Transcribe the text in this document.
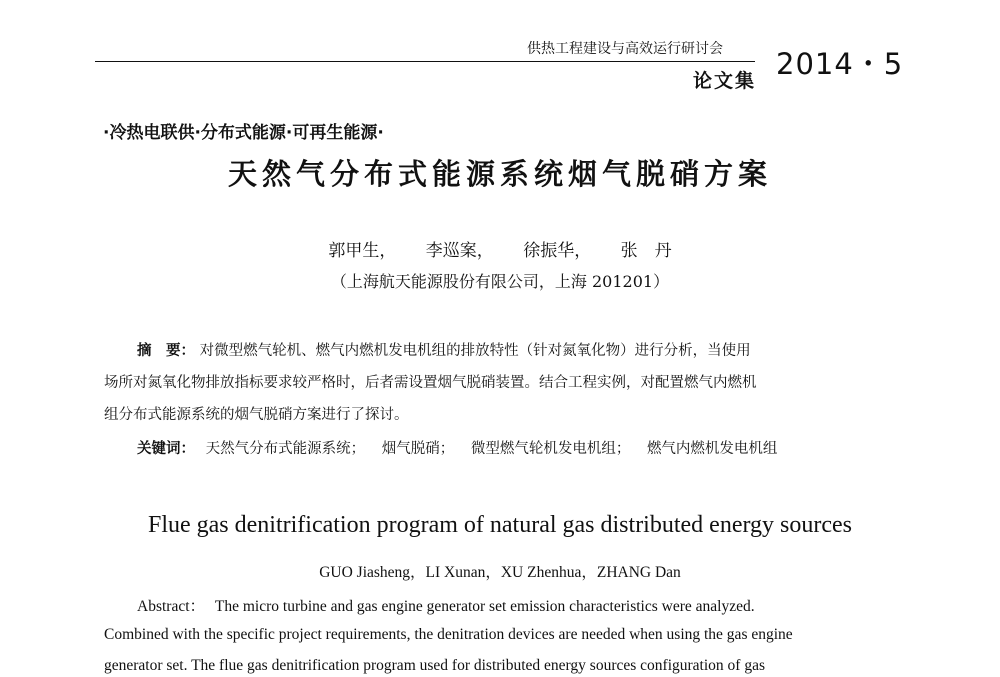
供热工程建设与高效运行研讨会 2014・5
论文集
·冷热电联供·分布式能源·可再生能源·
天然气分布式能源系统烟气脱硝方案
郭甲生， 李巡案， 徐振华， 张　丹
（上海航天能源股份有限公司，上海 201201）
摘　要： 对微型燃气轮机、燃气内燃机发电机组的排放特性（针对氮氧化物）进行分析，当使用
场所对氮氧化物排放指标要求较严格时，后者需设置烟气脱硝装置。结合工程实例，对配置燃气内燃机
组分布式能源系统的烟气脱硝方案进行了探讨。
关键词： 天然气分布式能源系统； 烟气脱硝； 微型燃气轮机发电机组； 燃气内燃机发电机组
Flue gas denitrification program of natural gas distributed energy sources
GUO Jiasheng，LI Xunan，XU Zhenhua，ZHANG Dan
Abstract： The micro turbine and gas engine generator set emission characteristics were analyzed.
Combined with the specific project requirements, the denitration devices are needed when using the gas engine
generator set. The flue gas denitrification program used for distributed energy sources configuration of gas
